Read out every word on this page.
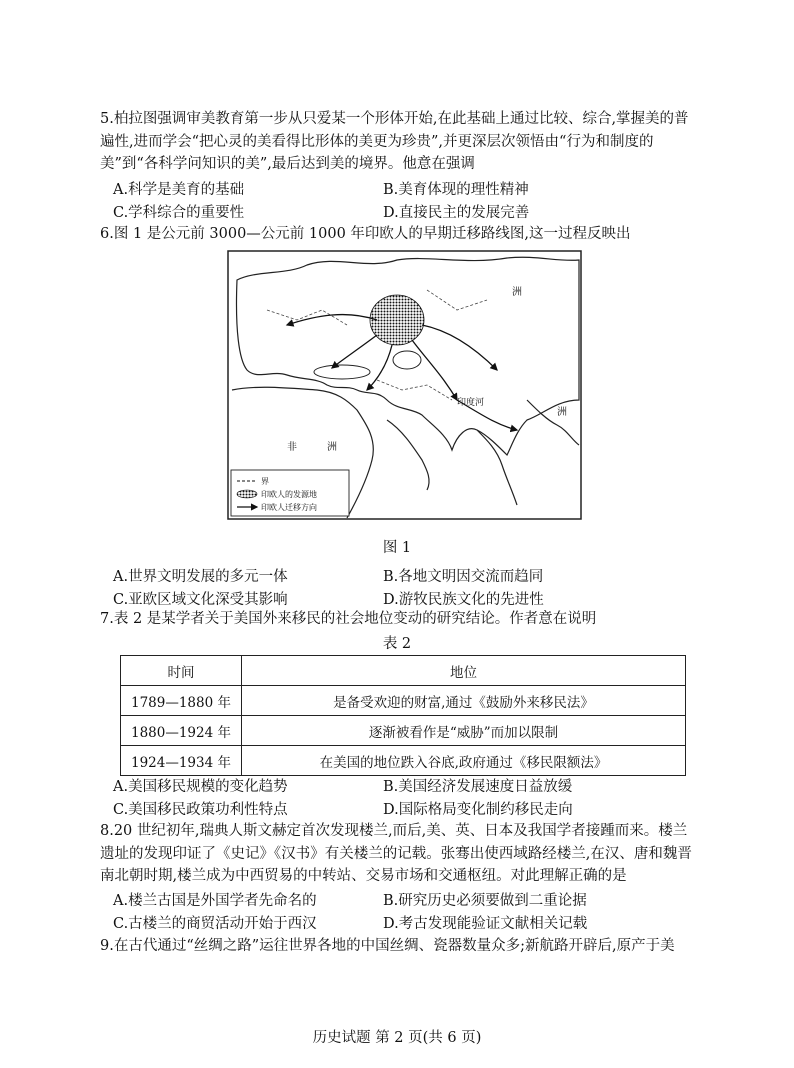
5.柏拉图强调审美教育第一步从只爱某一个形体开始,在此基础上通过比较、综合,掌握美的普遍性,进而学会“把心灵的美看得比形体的美更为珍贵”,并更深层次领悟由“行为和制度的美”到“各科学问知识的美”,最后达到美的境界。他意在强调

A.科学是美育的基础	B.美育体现的理性精神
C.学科综合的重要性	D.直接民主的发展完善

6.图 1 是公元前 3000—公元前 1000 年印欧人的早期迁移路线图,这一过程反映出

洲
非　　　洲
印度河
洲
界
印欧人的发源地
印欧人迁移方向
图 1
A.世界文明发展的多元一体	B.各地文明因交流而趋同
C.亚欧区域文化深受其影响	D.游牧民族文化的先进性

7.表 2 是某学者关于美国外来移民的社会地位变动的研究结论。作者意在说明

表 2
时间	地位
1789—1880 年	是备受欢迎的财富,通过《鼓励外来移民法》
1880—1924 年	逐渐被看作是“威胁”而加以限制
1924—1934 年	在美国的地位跌入谷底,政府通过《移民限额法》
A.美国移民规模的变化趋势	B.美国经济发展速度日益放缓
C.美国移民政策功利性特点	D.国际格局变化制约移民走向

8.20 世纪初年,瑞典人斯文赫定首次发现楼兰,而后,美、英、日本及我国学者接踵而来。楼兰遗址的发现印证了《史记》《汉书》有关楼兰的记载。张骞出使西域路经楼兰,在汉、唐和魏晋南北朝时期,楼兰成为中西贸易的中转站、交易市场和交通枢纽。对此理解正确的是

A.楼兰古国是外国学者先命名的	B.研究历史必须要做到二重论据
C.古楼兰的商贸活动开始于西汉	D.考古发现能验证文献相关记载

9.在古代通过“丝绸之路”运往世界各地的中国丝绸、瓷器数量众多;新航路开辟后,原产于美

历史试题 第 2 页(共 6 页)
